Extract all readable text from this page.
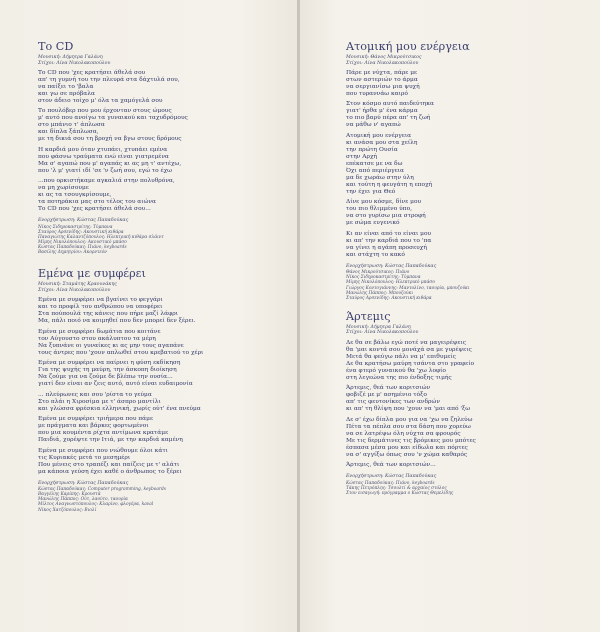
Το CD
Μουσική: Δήμητρα Γαλάνη
Στίχοι: Λίνα Νικολακοπούλου
Το CD που 'χες κρατήσει άθελά σου
απ' τη γυμνή του την πλευρά στα δάχτυλά σου,
να παίξει το 'βαλα
και γω σε πρόβαλα
στον άδειο τοίχο μ' όλα τα χαμόγελά σου
Το πουλόβερ που μου έρχονταν στους ώμους
μ' αυτό που ανοίγω τα γυναικού και ταχυδρόμους
στο μπάνιο τ' άπλωσα
και δίπλα ξάπλωσα,
με τη δικιά σου τη βροχή να βγω στους δρόμους
Η καρδιά μου όταν χτυπάει, χτυπάει εμένα
που φάσνω τραύματα ενώ είναι γιατρεμένα
Μα σ' αγαπώ που μ' αγαπάς κι ας μη τ' αντέχω,
που 'λ μ' γιατί ιδί 'σε 'ν ζωή σου, εγώ το έχω
...που ορκιστήκαμε αγκαλιά στην πολυθρόνα,
να μη χωρίσουμε
κι ας τα τσουγκρίσουμε,
τα ποτηράκια μας στο τέλος του αιώνα
Το CD που 'χες κρατήσει άθελά σου...
Ενορχήστρωση: Κώστας Παπαδούκας
Νίκος Σιδηροκαστρίτης: Τύμπανα
Σταύρος Αρσενίδης: Ακουστική κιθάρα
Παναγιώτης Καλαντζόπουλος: Ηλεκτρική κιθάρα σλάιντ
Μίμης Νικολόπουλος: Ακουστικό μπάσο
Κώστας Παπαδούκας: Πιάνο, keyboards
Βασίλης Δημητρίου: Ακορντεόν
Εμένα με συμφέρει
Μουσική: Σταμάτης Κραουνάκης
Στίχοι: Λίνα Νικολακοπούλου
Εμένα με συμφέρει να βγαίνει το φεγγάρι
και το προφίλ του ανθρώπου να υποφέρει
Στα πούπουλά της κάνεις που πήρε μαζί λάφρι
Μα, πάλι ποιό να κοιμηθεί που δεν μπορεί δεν ξέρει.
Εμένα με συμφέρει δωμάτια που κοιτάνε
τον Αύγουστο στου ακάλυπτου τα μέρη
Να ξυπνάνε οι γυναίκες κι ας μην τους αγαπάνε
τους άντρες που 'χουν απλωθεί στου κρεβατιού το χέρι
Εμένα με συμφέρει να παίρνει η φύση εκδίκηση
Για της ψυχής τη μαύρη, την άσκοπη διοίκηση
Να ζούμε για να ζούμε δε βλέπω την ουσία...
γιατί δεν είναι αν ζεις αυτό, αυτό είναι ευδαιμονία
... πλεύρωνες και σου 'ρίστα το γεύμα
Στο πλάι η Χιροσίμα με τ' άσπρο μαντίλι
και γλώσσα φρέσκια ελληνική, χωρίς ούτ' ένα πνεύμα
Εμένα με συμφέρει τριήμερα που πάμε
με πράγματα και βάρκες φορτωμένοι
που μια κουμέντα ρίχτα αντίμωνα κρατάμε
Παιδιά, χορέψτε την Ιτιά, με την καρδιά καμένη
Εμένα με συμφέρει που νιώθουμε όλοι κάτι
τις Κυριακές μετά το μεσημέρι
Που μένεις στο τραπέζι και παίζεις με τ' αλάτι
μα κάποια γεύση έχει καθέ ο άνθρωπος το ξέρει
Ενορχήστρωση: Κώστας Παπαδούκας
Κώστας Παπαδούκας: Computer programming, keyboards
Βαγγέλης Καρίπης: Κρουστά
Μανώλης Πάππος: Ούτ, λαούτο, ταουρία
Μίλτος Αναγνωστόπουλος: Κλαρίνο, φλογέρα, kaval
Νίκος Χατζόπουλος: Βιολί
Ατομική μου ενέργεια
Μουσική: Θάνος Μικρούτσικος
Στίχοι: Λίνα Νικολακοπούλου
Πάρε με νύχτα, πάρε με
στων αστεριών το άρμα
να σεργιανίσω μια ψυχή
που τυραννάω καιρό
Στον κόσμο αυτό παιδεύτηκα
γιατ' ήρθα μ' ένα κάρμα
το πιο βαρύ πέρα απ' τη ζωή
να μάθω ν' αγαπώ
Ατομική μου ενέργεια
κι ανάσα μου στα χείλη
την πρώτη Ουσία
στην Αρχή
επέκατσε με να δω
Όχι από περιέργεια
μα δε χωράω στην ύλη
και τούτη η φευγάτη η εποχή
την έχει για Θεό
Δίνε μου κόσμε, δίνε μου
του πιο θλιμμένο ύπο,
να στο γυρίσω μια στροφή
με σώμα ευγενικό
Κι αν είναι από το είναι μου
κι απ' την καρδιά που το 'πα
να γίνει η αγάπη προσευχή
και στάχτη το κακό
Ενορχήστρωση: Κώστας Παπαδούκας
Θάνος Μικρούτσικος: Πιάνο
Νίκος Σιδηροκαστρίτης: Τύμπανα
Μίμης Νικολόπουλος: Ηλεκτρικό μπάσο
Γιώργος Κοντογιάννης: Μαντολίνο, ταουρία, μπουζούκι
Μανώλης Πάππος: Μπουζούκι
Σταύρος Αρσενίδης: Ακουστική κιθάρα
Άρτεμις
Μουσική: Δήμητρα Γαλάνη
Στίχοι: Λίνα Νικολακοπούλου
Δε θα σε βάλω εγώ ποτέ να μαγειρέψεις
θα 'μαι κοντά σου μονάχά σα με γυρέψεις
Μετά θα φεύγω πάλι να μ' επιθυμείς
Δε θα κρατήσω μαύρη τσάντα στο γραφείο
ένα φτερό γυναικού θα 'χω λοφίο
στη λεγεώνα της πιο ένδοξης τιμής
Άρτεμις, θεά των κοριτσιών
φοβιζέ με μ' ασημένιο τόξο
απ' τις φευτονίκες των ανδρών
κι απ' τη θλίψη που 'χουν να 'μαι από 'ξω
Δε σ' έχω δίπλα μου για να 'χω να ζηλεύω
Πέτα τα πέπλα σου στα δάση που χορεύω
να σε λατρέψω όλη νύχτα σα φρουρός
Με τις δερμάτινες τις βρόμικες μου μπότες
έσπασα μέσα μου και είδωλα και πόρτες
να σ' αγγίξω όπως σου 'ν χώμα καθαρός
Άρτεμις, θεά των κοριτσιών...
Ενορχήστρωση: Κώστας Παπαδούκας
Κώστας Παπαδούκας: Πιάνο, keyboards
Τάκης Πετρόπλης: Τσουλτί & αρχαίος στόλος
Στον εισαγωγή: πρόγραμμα ο Κώστας Θεμελίδης
